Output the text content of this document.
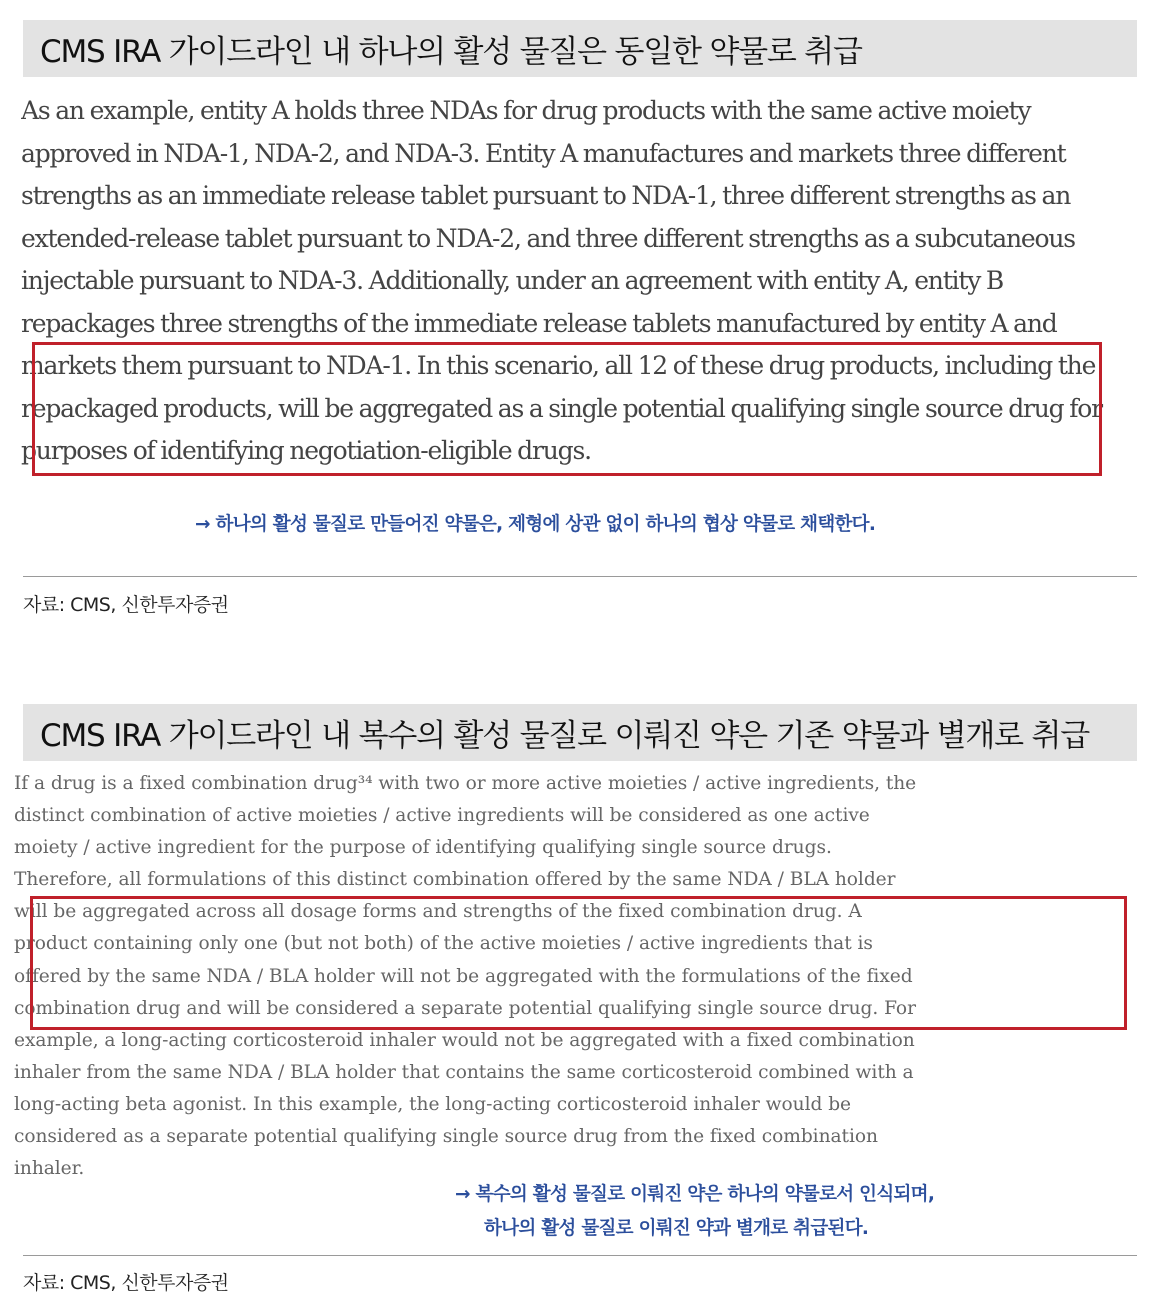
CMS IRA 가이드라인 내 하나의 활성 물질은 동일한 약물로 취급
As an example, entity A holds three NDAs for drug products with the same active moiety
approved in NDA-1, NDA-2, and NDA-3. Entity A manufactures and markets three different
strengths as an immediate release tablet pursuant to NDA-1, three different strengths as an
extended-release tablet pursuant to NDA-2, and three different strengths as a subcutaneous
injectable pursuant to NDA-3. Additionally, under an agreement with entity A, entity B
repackages three strengths of the immediate release tablets manufactured by entity A and
markets them pursuant to NDA-1. In this scenario, all 12 of these drug products, including the
repackaged products, will be aggregated as a single potential qualifying single source drug for
purposes of identifying negotiation-eligible drugs.
→ 하나의 활성 물질로 만들어진 약물은, 제형에 상관 없이 하나의 협상 약물로 채택한다.
자료: CMS, 신한투자증권
CMS IRA 가이드라인 내 복수의 활성 물질로 이뤄진 약은 기존 약물과 별개로 취급
If a drug is a fixed combination drug³⁴ with two or more active moieties / active ingredients, the
distinct combination of active moieties / active ingredients will be considered as one active
moiety / active ingredient for the purpose of identifying qualifying single source drugs.
Therefore, all formulations of this distinct combination offered by the same NDA / BLA holder
will be aggregated across all dosage forms and strengths of the fixed combination drug. A
product containing only one (but not both) of the active moieties / active ingredients that is
offered by the same NDA / BLA holder will not be aggregated with the formulations of the fixed
combination drug and will be considered a separate potential qualifying single source drug. For
example, a long-acting corticosteroid inhaler would not be aggregated with a fixed combination
inhaler from the same NDA / BLA holder that contains the same corticosteroid combined with a
long-acting beta agonist. In this example, the long-acting corticosteroid inhaler would be
considered as a separate potential qualifying single source drug from the fixed combination
inhaler.
→ 복수의 활성 물질로 이뤄진 약은 하나의 약물로서 인식되며,
하나의 활성 물질로 이뤄진 약과 별개로 취급된다.
자료: CMS, 신한투자증권
